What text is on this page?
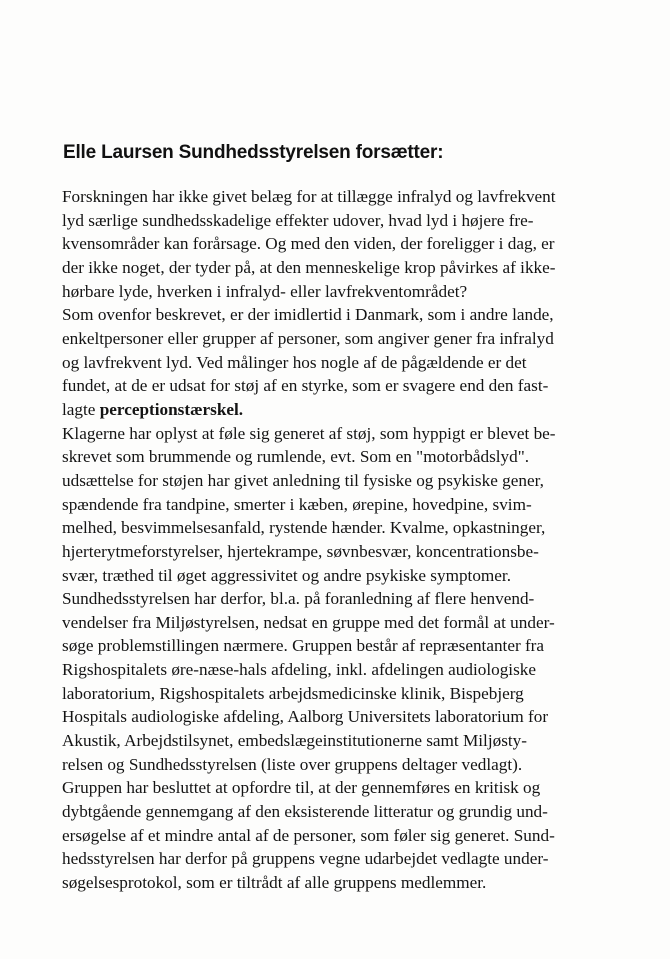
Elle Laursen Sundhedsstyrelsen forsætter:
Forskningen har ikke givet belæg for at tillægge infralyd og lavfrekvent
lyd særlige sundhedsskadelige effekter udover, hvad lyd i højere fre-
kvensområder kan forårsage. Og med den viden, der foreligger i dag, er
der ikke noget, der tyder på, at den menneskelige krop påvirkes af ikke-
hørbare lyde, hverken i infralyd- eller lavfrekventområdet?
Som ovenfor beskrevet, er der imidlertid i Danmark, som i andre lande,
enkeltpersoner eller grupper af personer, som angiver gener fra infralyd
og lavfrekvent lyd. Ved målinger hos nogle af de pågældende er det
fundet, at de er udsat for støj af en styrke, som er svagere end den fast-
lagte perceptionstærskel.
Klagerne har oplyst at føle sig generet af støj, som hyppigt er blevet be-
skrevet som brummende og rumlende, evt. Som en "motorbådslyd".
udsættelse for støjen har givet anledning til fysiske og psykiske gener,
spændende fra tandpine, smerter i kæben, ørepine, hovedpine, svim-
melhed, besvimmelsesanfald, rystende hænder. Kvalme, opkastninger,
hjerterytmeforstyrelser, hjertekrampe, søvnbesvær, koncentrationsbe-
svær, træthed til øget aggressivitet og andre psykiske symptomer.
Sundhedsstyrelsen har derfor, bl.a. på foranledning af flere henvend-
vendelser fra Miljøstyrelsen, nedsat en gruppe med det formål at under-
søge problemstillingen nærmere. Gruppen består af repræsentanter fra
Rigshospitalets øre-næse-hals afdeling, inkl. afdelingen audiologiske
laboratorium, Rigshospitalets arbejdsmedicinske klinik, Bispebjerg
Hospitals audiologiske afdeling, Aalborg Universitets laboratorium for
Akustik, Arbejdstilsynet, embedslægeinstitutionerne samt Miljøsty-
relsen og Sundhedsstyrelsen (liste over gruppens deltager vedlagt).
Gruppen har besluttet at opfordre til, at der gennemføres en kritisk og
dybtgående gennemgang af den eksisterende litteratur og grundig und-
ersøgelse af et mindre antal af de personer, som føler sig generet. Sund-
hedsstyrelsen har derfor på gruppens vegne udarbejdet vedlagte under-
søgelsesprotokol, som er tiltrådt af alle gruppens medlemmer.
